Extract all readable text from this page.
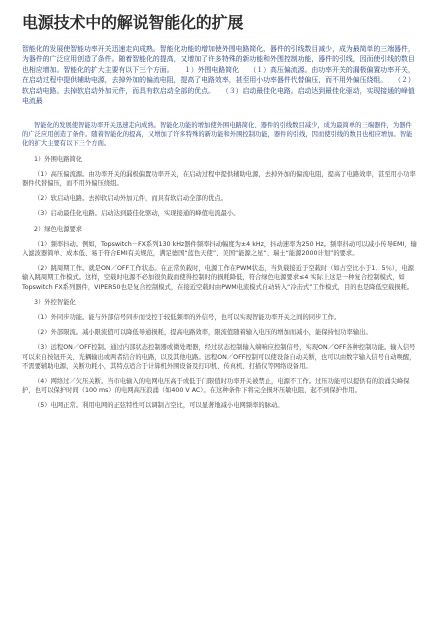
电源技术中的解说智能化的扩展

智能化的发展使智能功率开关迅速走向成熟。智能化功能的增加使外围电路简化、器件的引线数目减少，成为最简单的三端器件，为器件的广泛应用创造了条件。随着智能化的提高，又增加了许多特殊的新功能和外围控制功能，器件的引线，因而使引线的数目也相应增加。智能化的扩大主要有以下三个方面。　　１）外围电路简化　　（１）高压偏流源。由功率开关的漏极偏置功率开关，在启动过程中提供辅助电源，去掉外加的偏流电阻，提高了电路效率，甚至用小功率器件代替偏压，而不用外偏压绕组。　　（２）软启动电路。去掉软启动外加元件，而具有软启动全部的优点。　　（３）启动最佳化电路。启动达到最佳化驱动，实现接通的峰值电流最

智能化的发展使智能功率开关迅速走向成熟。智能化功能的增加使外围电路简化、器件的引线数目减少，成为最简单的三端器件，为器件的广泛应用创造了条件。随着智能化的提高，又增加了许多特殊的新功能和外围控制功能，器件的引线，因而使引线的数目也相应增加。智能化的扩大主要有以下三个方面。

1）外围电路简化

（1）高压偏流源。由功率开关的漏极偏置功率开关，在启动过程中提供辅助电源，去掉外加的偏流电阻，提高了电路效率，甚至用小功率器件代替偏压，而不用外偏压绕组。

（2）软启动电路。去掉软启动外加元件，而具有软启动全部的优点。

（3）启动最佳化电路。启动达到最佳化驱动，实现接通的峰值电流最小。

2）绿色电源要求

（1）频率抖动。例如，Topswitch－FX系列130 kHz器件频率抖动幅度为±4 kHz，抖动速率为250 Hz。频率抖动可以减小传导EMI，输入滤波器简单、成本低、易于符合EMI有关规范，满足德国“蓝色天使”、美国“能源之星”、瑞士“能源2000计划”的要求。

（2）跳周期工作。就是ON／OFF工作状态。在正常负载时，电源工作在PWM状态，当负载接近于空载时（如占空比小于1．5％），电源输入跳周期工作模式。这样，空载时电源不必加很负载而使得控制时的损耗降低，符合绿色电源要求≤4 实际上这是一种复合控制模式，如Topswitch FX系列器件，VIPER50也是复合控制模式，在接近空载时由PWM电流模式自动转入“冷击式”工作模式，目的也是降低空载损耗。

3）外控智能化

（1）外同步功能。能与外部信号同步而受控于较低频率的外信号，也可以实现智能功率开关之间的同步工作。

（2）外部限流。减小限流值可以降低导通损耗，提高电路效率，限流值随着输入电压的增加而减小，能保持恒功率输出。

（3）远程ON／OFF控制。通过内部状态控制器或微处理器，经过状态控制输入端响应控制信号，实现ON／OFF各种控制功能。输入信号可以来自按钮开关、光耦输出或两者结合的电路，以及其他电路。远程ON／OFF控制可以使设备自动关断，也可以由数字输入信号自动唤醒，不需要辅助电源，关断功耗小，其特点适合于计算机外围设备及打印机、传真机、打描仪等网络设备用。

（4）网络过／欠压关断。当市电输入的电网电压高于或低于门限值时功率开关被禁止，电源不工作。过压功能可以提供有的浪涌尖峰保护，也可以保护时间（100 ms）的电网高压浪涌（如400 V AC）。在这种条件下将完全损坏压敏电阻，起不到保护作用。

（5）电网正常。利用电网的正弦特性可以调制占空比，可以显著地减小电网频率的脉动。
